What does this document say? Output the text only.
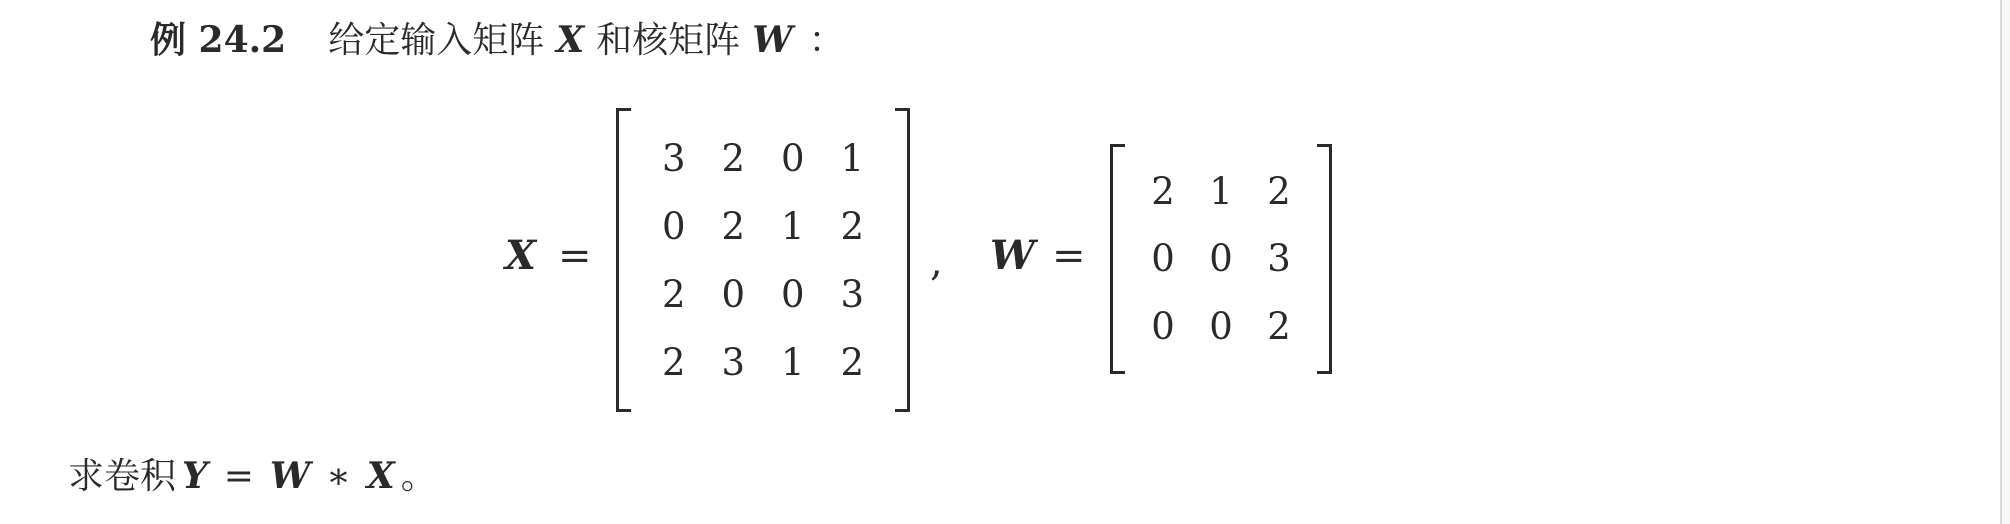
例 24.2 给定输入矩阵 X 和核矩阵 W ：
X =
3	2	0	1
0	2	1	2
2	0	0	3
2	3	1	2
, W =
2	1	2
0	0	3
0	0	2
求卷积 Y = W ∗ X 。
